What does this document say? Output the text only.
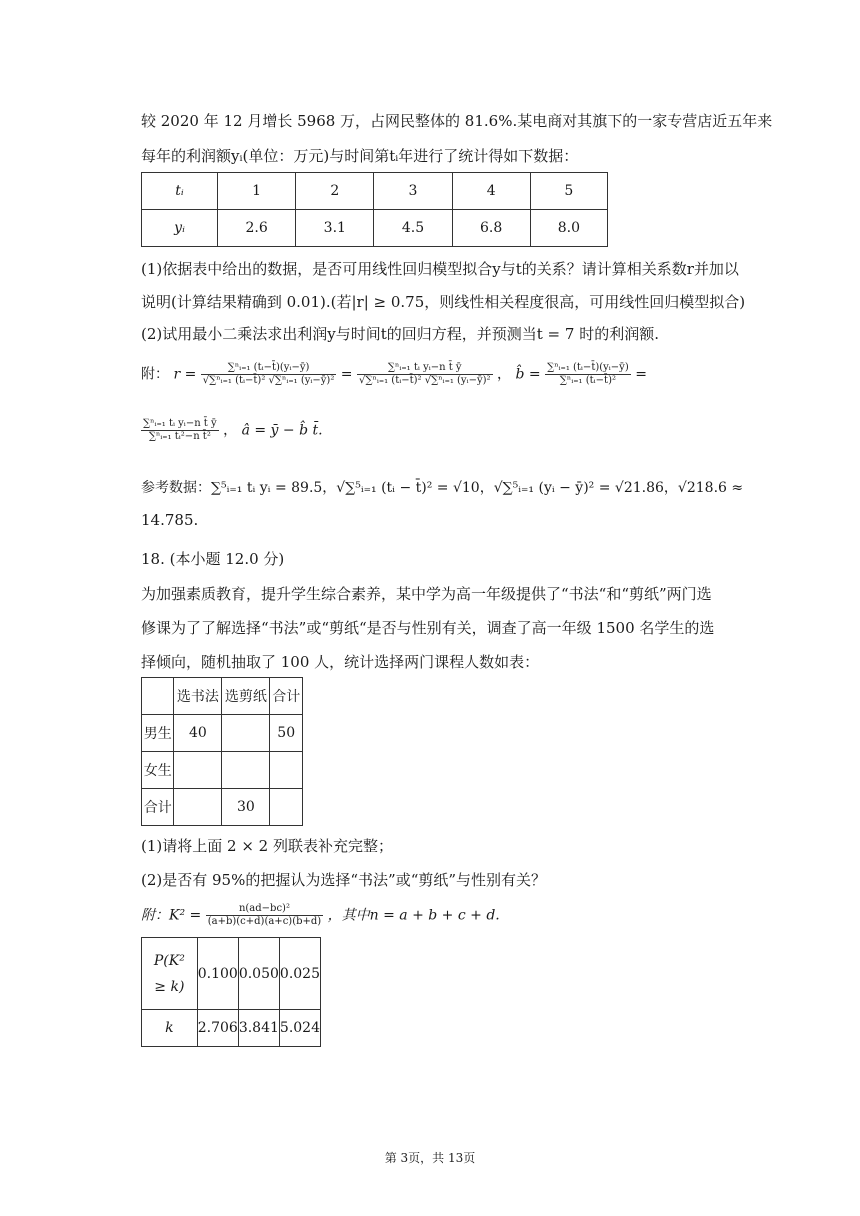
较 2020 年 12 月增长 5968 万，占网民整体的 81.6%.某电商对其旗下的一家专营店近五年来
每年的利润额yᵢ(单位：万元)与时间第tᵢ年进行了统计得如下数据：
tᵢ	1	2	3	4	5
yᵢ	2.6	3.1	4.5	6.8	8.0
(1)依据表中给出的数据，是否可用线性回归模型拟合y与t的关系？请计算相关系数r并加以
说明(计算结果精确到 0.01).(若|r| ≥ 0.75，则线性相关程度很高，可用线性回归模型拟合)
(2)试用最小二乘法求出利润y与时间t的回归方程，并预测当t = 7 时的利润额.
附： $r = \frac{\text{∑ⁿᵢ₌₁ (tᵢ−t̄)(yᵢ−ȳ)}}{\text{√∑ⁿᵢ₌₁ (tᵢ−t̄)² √∑ⁿᵢ₌₁ (yᵢ−ȳ)²}} = \frac{\text{∑ⁿᵢ₌₁ tᵢ yᵢ−n t̄ ȳ}}{\text{√∑ⁿᵢ₌₁ (tᵢ−t̄)² √∑ⁿᵢ₌₁ (yᵢ−ȳ)²}}$ ， b̂ = $\frac{\text{∑ⁿᵢ₌₁ (tᵢ−t̄)(yᵢ−ȳ)}}{\text{∑ⁿᵢ₌₁ (tᵢ−t̄)²}}$ =
$\frac{\text{∑ⁿᵢ₌₁ tᵢ yᵢ−n t̄ ȳ}}{\text{∑ⁿᵢ₌₁ tᵢ²−n t̄²}}$ ， â = ȳ − b̂ t̄.
参考数据：∑⁵ᵢ₌₁ tᵢ yᵢ = 89.5，√∑⁵ᵢ₌₁ (tᵢ − t̄)² = √10，√∑⁵ᵢ₌₁ (yᵢ − ȳ)² = √21.86，√218.6 ≈
14.785.
18. (本小题 12.0 分)
为加强素质教育，提升学生综合素养，某中学为高一年级提供了“书法“和“剪纸”两门选
修课为了了解选择“书法”或“剪纸“是否与性别有关，调查了高一年级 1500 名学生的选
择倾向，随机抽取了 100 人，统计选择两门课程人数如表：
	选书法	选剪纸	合计
男生	40		50
女生			
合计		30	
(1)请将上面 2 × 2 列联表补充完整；
(2)是否有 95%的把握认为选择“书法”或“剪纸”与性别有关？
附：$K^2 = \frac{\text{n(ad−bc)²}}{(a+b)(c+d)(a+c)(b+d)}$ ，其中n = a + b + c + d.
P(K²
≥ k)	0.100	0.050	0.025
k	2.706	3.841	5.024
第 3页，共 13页
